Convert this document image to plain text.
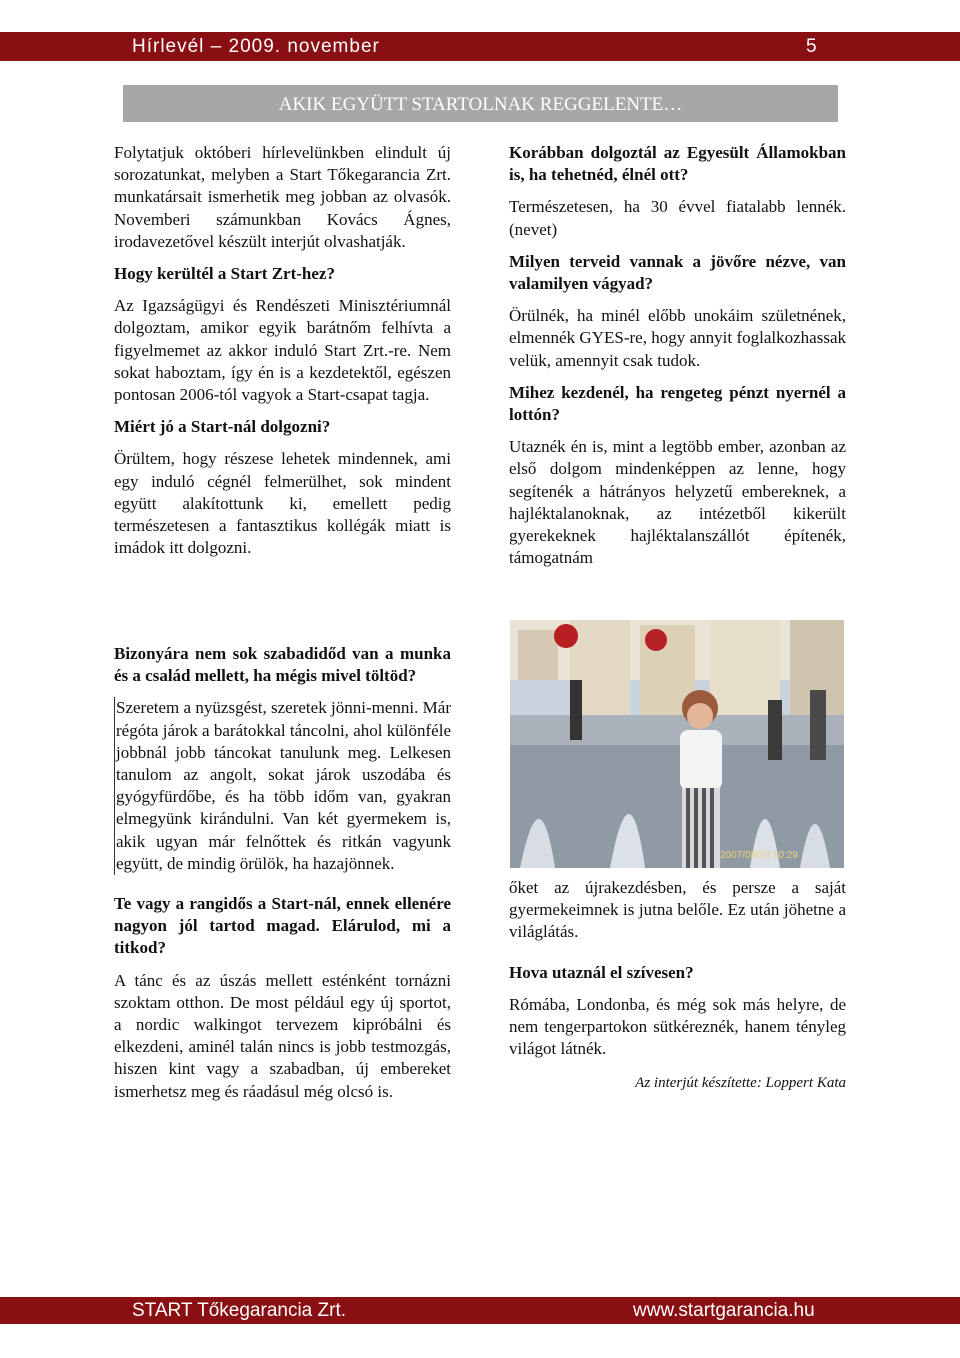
Hírlevél – 2009. november	5
AKIK EGYÜTT STARTOLNAK REGGELENTE…

Folytatjuk októberi hírlevelünkben elindult új sorozatunkat, melyben a Start Tőkegarancia Zrt. munkatársait ismerhetik meg jobban az olvasók. Novemberi számunkban Kovács Ágnes, irodavezetővel készült interjút olvashatják.

Hogy kerültél a Start Zrt-hez?

Az Igazságügyi és Rendészeti Minisztériumnál dolgoztam, amikor egyik barátnőm felhívta a figyelmemet az akkor induló Start Zrt.-re. Nem sokat haboztam, így én is a kezdetektől, egészen pontosan 2006-tól vagyok a Start-csapat tagja.

Miért jó a Start-nál dolgozni?

Örültem, hogy részese lehetek mindennek, ami egy induló cégnél felmerülhet, sok mindent együtt alakítottunk ki, emellett pedig természetesen a fantasztikus kollégák miatt is imádok itt dolgozni.

Bizonyára nem sok szabadidőd van a munka és a család mellett, ha mégis mivel töltöd?

Szeretem a nyüzsgést, szeretek jönni-menni. Már régóta járok a barátokkal táncolni, ahol különféle jobbnál jobb táncokat tanulunk meg. Lelkesen tanulom az angolt, sokat járok uszodába és gyógyfürdőbe, és ha több időm van, gyakran elmegyünk kirándulni. Van két gyermekem is, akik ugyan már felnőttek és ritkán vagyunk együtt, de mindig örülök, ha hazajönnek.

Te vagy a rangidős a Start-nál, ennek ellenére nagyon jól tartod magad. Elárulod, mi a titkod?

A tánc és az úszás mellett esténként tornázni szoktam otthon. De most például egy új sportot, a nordic walkingot tervezem kipróbálni és elkezdeni, aminél talán nincs is jobb testmozgás, hiszen kint vagy a szabadban, új embereket ismerhetsz meg és ráadásul még olcsó is.

Korábban dolgoztál az Egyesült Államokban is, ha tehetnéd, élnél ott?

Természetesen, ha 30 évvel fiatalabb lennék. (nevet)

Milyen terveid vannak a jövőre nézve, van valamilyen vágyad?

Örülnék, ha minél előbb unokáim születnének, elmennék GYES-re, hogy annyit foglalkozhassak velük, amennyit csak tudok.

Mihez kezdenél, ha rengeteg pénzt nyernél a lottón?

Utaznék én is, mint a legtöbb ember, azonban az első dolgom mindenképpen az lenne, hogy segítenék a hátrányos helyzetű embereknek, a hajléktalanoknak, az intézetből kikerült gyerekeknek hajléktalanszállót építenék, támogatnám

2007/08/10 10:29

őket az újrakezdésben, és persze a saját gyermekeimnek is jutna belőle. Ez után jöhetne a világlátás.

Hova utaznál el szívesen?

Rómába, Londonba, és még sok más helyre, de nem tengerpartokon sütkéreznék, hanem tényleg világot látnék.

Az interjút készítette: Loppert Kata

START Tőkegarancia Zrt.	www.startgarancia.hu
